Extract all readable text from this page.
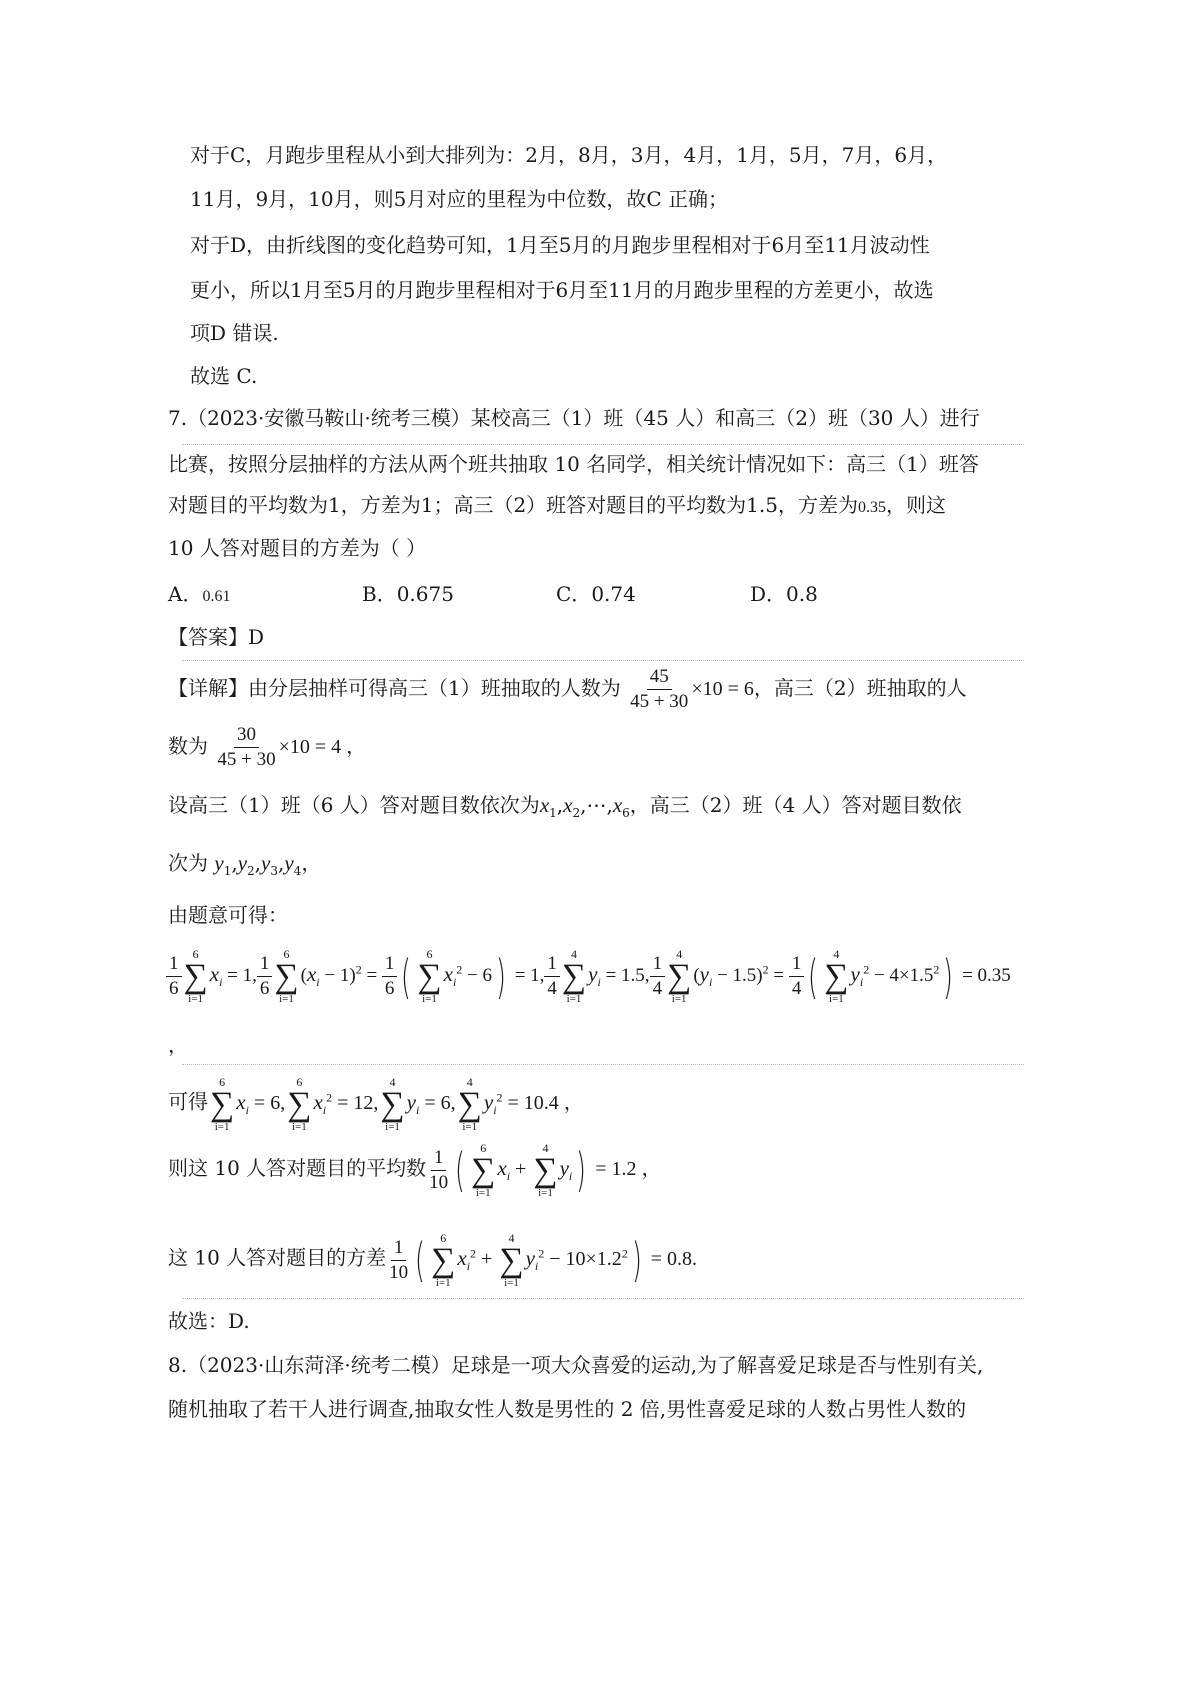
对于C，月跑步里程从小到大排列为：2月，8月，3月，4月，1月，5月，7月，6月，
11月，9月，10月，则5月对应的里程为中位数，故C 正确；
对于D，由折线图的变化趋势可知，1月至5月的月跑步里程相对于6月至11月波动性
更小，所以1月至5月的月跑步里程相对于6月至11月的月跑步里程的方差更小，故选
项D 错误.
故选 C.
7.（2023·安徽马鞍山·统考三模）某校高三（1）班（45 人）和高三（2）班（30 人）进行
比赛，按照分层抽样的方法从两个班共抽取 10 名同学，相关统计情况如下：高三（1）班答
对题目的平均数为1，方差为1；高三（2）班答对题目的平均数为1.5，方差为0.35，则这
10 人答对题目的方差为（ ）
A．0.61	B．0.675	C．0.74	D．0.8
【答案】D
【详解】由分层抽样可得高三（1）班抽取的人数为 $\frac{45}{45 + 30} \times 10 = 6$，高三（2）班抽取的人
数为 $\frac{30}{45 + 30} \times 10 = 4$ ，
设高三（1）班（6 人）答对题目数依次为$x_1,x_2,\cdots,x_6$，高三（2）班（4 人）答对题目数依
次为 $y_1,y_2,y_3,y_4$，
由题意可得：
$\frac{1}{6} 6$
∑
i=1
$x_i = 1$, $\frac{1}{6} 6$
∑
i=1
$(x_i - 1)^2 = \frac{1}{6}$ ( 6
∑
i=1
$x_i^2 - 6) = 1$, $\frac{1}{4} 4$
∑
i=1
$y_i = 1.5$, $\frac{1}{4} 4$
∑
i=1
$(y_i - 1.5)^2 = \frac{1}{4}$ ( 4
∑
i=1
$y_i^2 - 4\times 1.5^2) = 0.35$
，
可得
6
∑
i=1
$x_i = 6$,
6
∑
i=1
$x_i^2 = 12$,
4
∑
i=1
$y_i = 6$,
4
∑
i=1
$y_i^2 = 10.4$ ，
则这 10 人答对题目的平均数 $\frac{1}{10}$ ( 6
∑
i=1
$x_i$ +
4
∑
i=1
$y_i) = 1.2$ ，
这 10 人答对题目的方差 $\frac{1}{10}$ ( 6
∑
i=1
$x_i^2$ +
4
∑
i=1
$y_i^2 - 10\times 1.2^2) = 0.8$.
故选：D.
8.（2023·山东菏泽·统考二模）足球是一项大众喜爱的运动,为了解喜爱足球是否与性别有关,
随机抽取了若干人进行调查,抽取女性人数是男性的 2 倍,男性喜爱足球的人数占男性人数的
